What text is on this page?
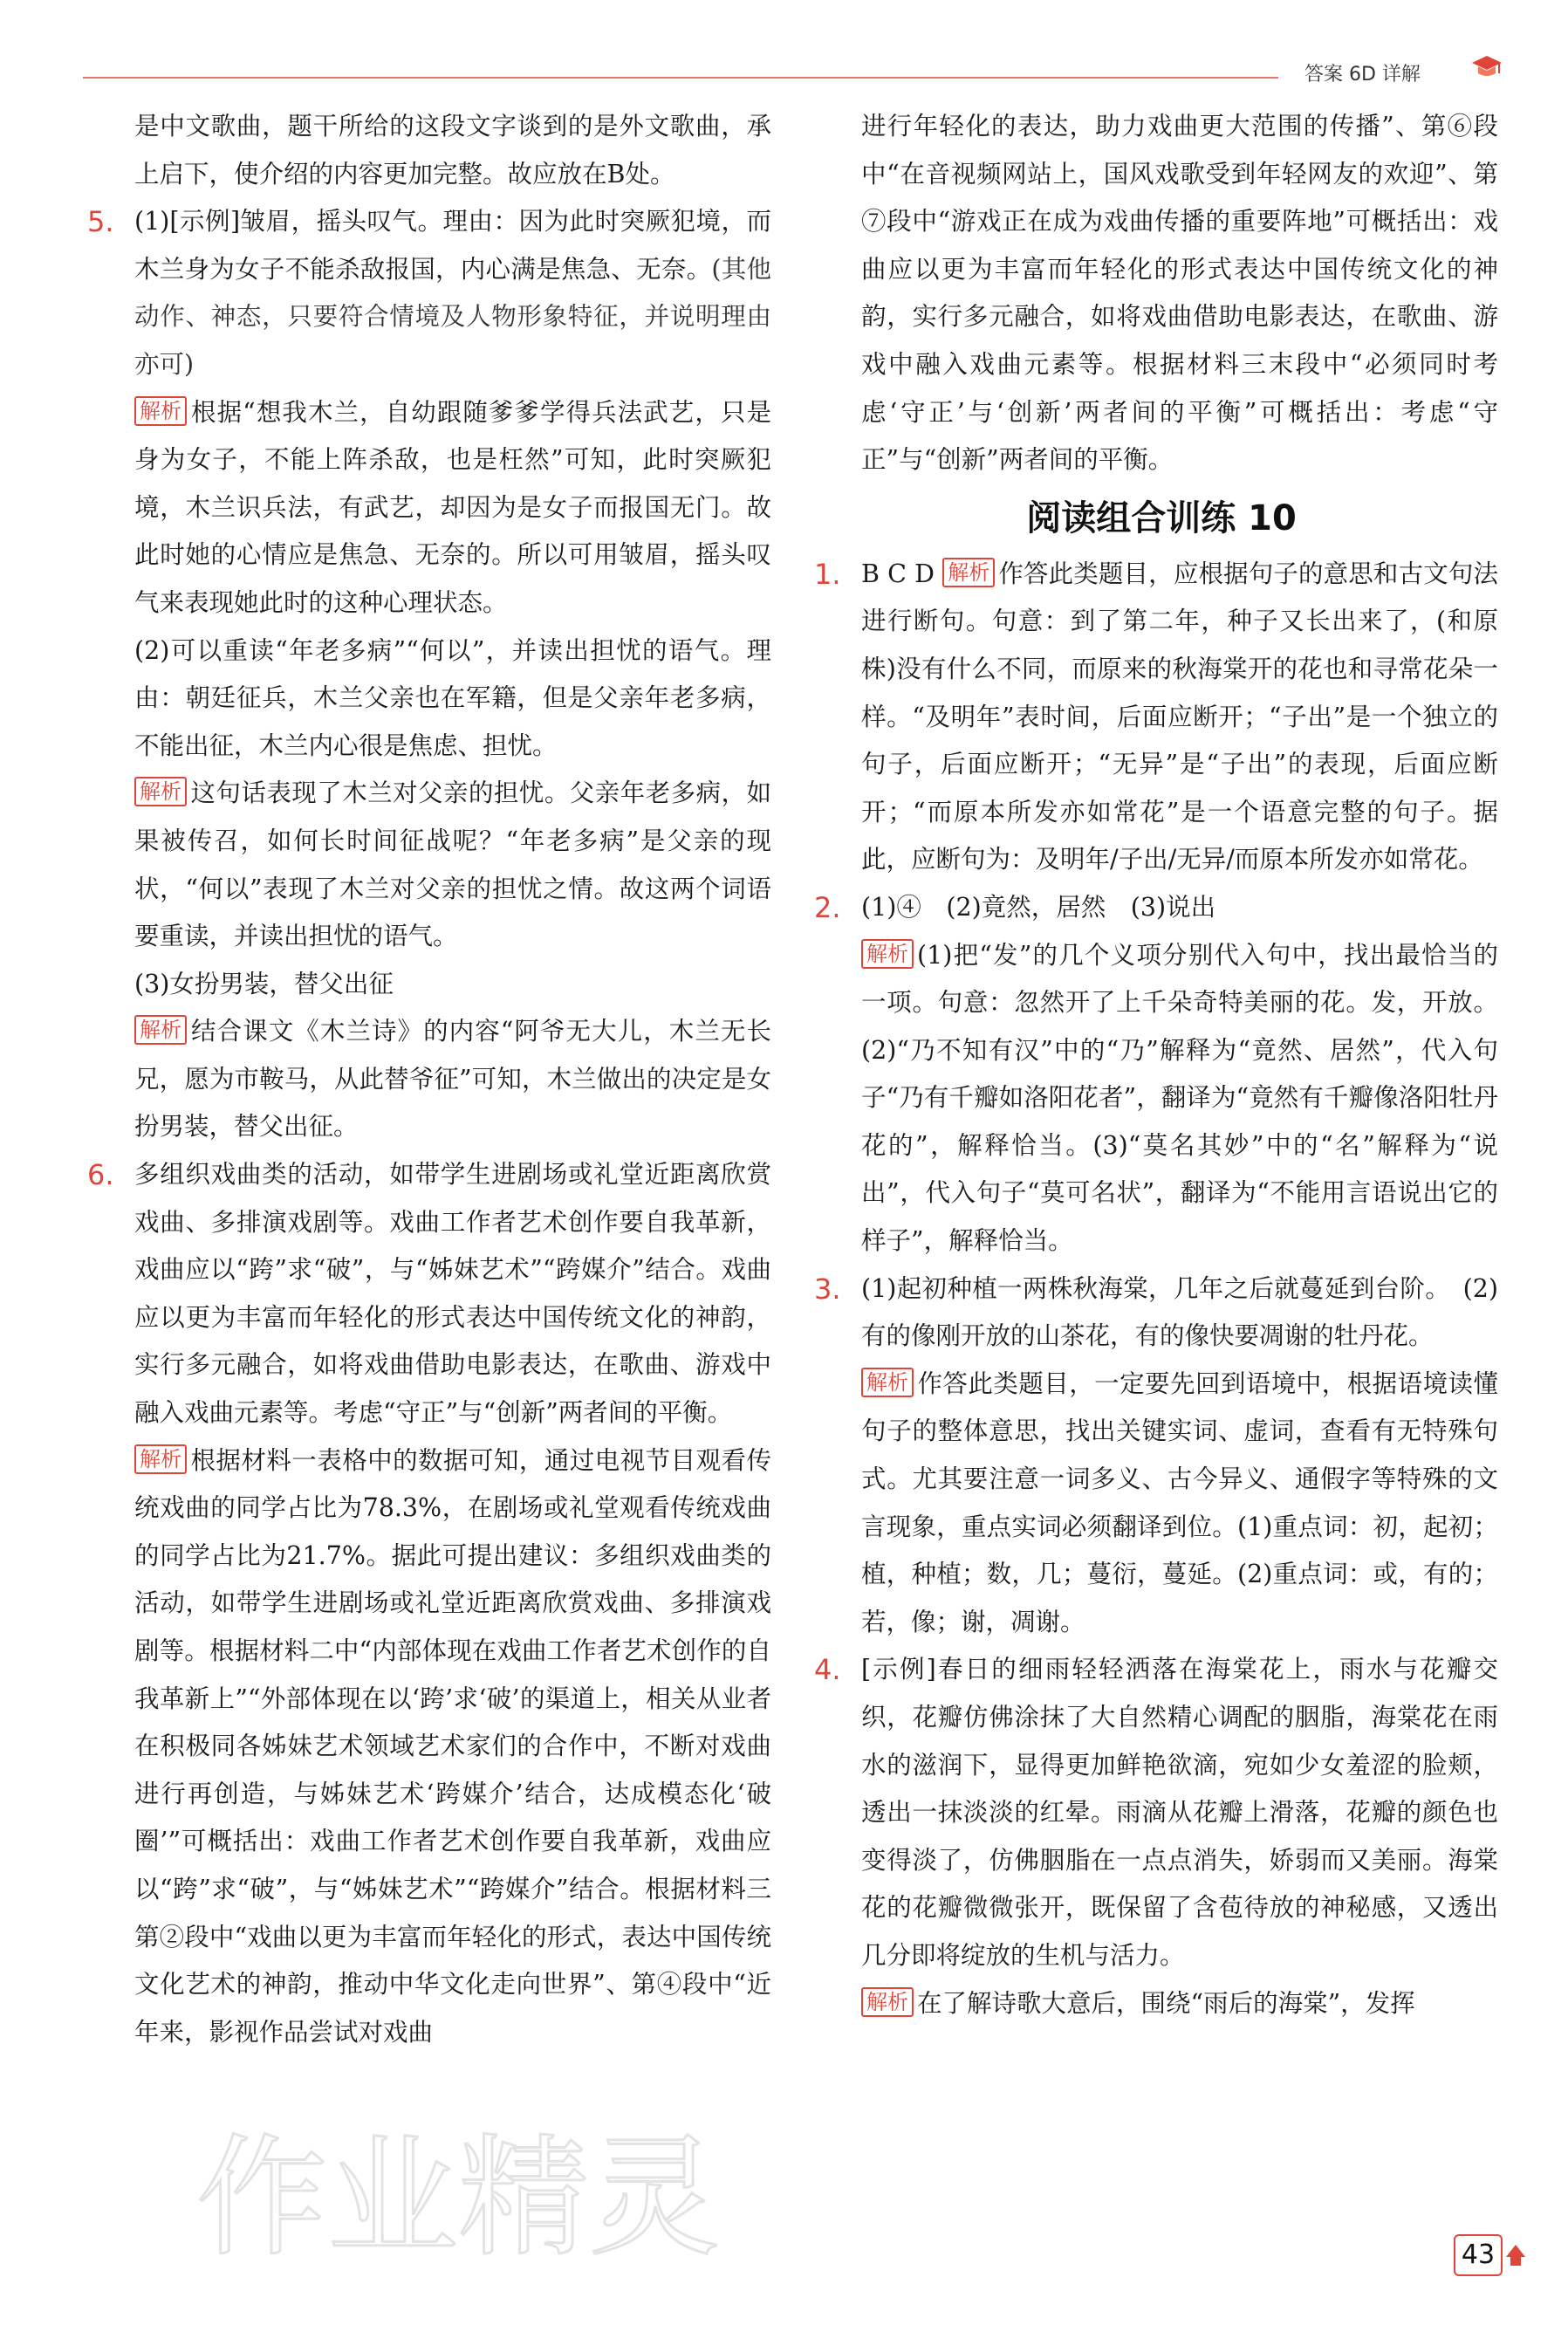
答案 6D 详解

是中文歌曲，题干所给的这段文字谈到的是外文歌曲，承上启下，使介绍的内容更加完整。故应放在B处。

5. (1)[示例]皱眉，摇头叹气。理由：因为此时突厥犯境，而木兰身为女子不能杀敌报国，内心满是焦急、无奈。(其他动作、神态，只要符合情境及人物形象特征，并说明理由亦可)

解析 根据“想我木兰，自幼跟随爹爹学得兵法武艺，只是身为女子，不能上阵杀敌，也是枉然”可知，此时突厥犯境，木兰识兵法，有武艺，却因为是女子而报国无门。故此时她的心情应是焦急、无奈的。所以可用皱眉，摇头叹气来表现她此时的这种心理状态。

(2)可以重读“年老多病”“何以”，并读出担忧的语气。理由：朝廷征兵，木兰父亲也在军籍，但是父亲年老多病，不能出征，木兰内心很是焦虑、担忧。

解析 这句话表现了木兰对父亲的担忧。父亲年老多病，如果被传召，如何长时间征战呢？“年老多病”是父亲的现状，“何以”表现了木兰对父亲的担忧之情。故这两个词语要重读，并读出担忧的语气。

(3)女扮男装，替父出征

解析 结合课文《木兰诗》的内容“阿爷无大儿，木兰无长兄，愿为市鞍马，从此替爷征”可知，木兰做出的决定是女扮男装，替父出征。

6. 多组织戏曲类的活动，如带学生进剧场或礼堂近距离欣赏戏曲、多排演戏剧等。戏曲工作者艺术创作要自我革新，戏曲应以“跨”求“破”，与“姊妹艺术”“跨媒介”结合。戏曲应以更为丰富而年轻化的形式表达中国传统文化的神韵，实行多元融合，如将戏曲借助电影表达，在歌曲、游戏中融入戏曲元素等。考虑“守正”与“创新”两者间的平衡。

解析 根据材料一表格中的数据可知，通过电视节目观看传统戏曲的同学占比为78.3%，在剧场或礼堂观看传统戏曲的同学占比为21.7%。据此可提出建议：多组织戏曲类的活动，如带学生进剧场或礼堂近距离欣赏戏曲、多排演戏剧等。根据材料二中“内部体现在戏曲工作者艺术创作的自我革新上”“外部体现在以‘跨’求‘破’的渠道上，相关从业者在积极同各姊妹艺术领域艺术家们的合作中，不断对戏曲进行再创造，与姊妹艺术‘跨媒介’结合，达成模态化‘破圈’”可概括出：戏曲工作者艺术创作要自我革新，戏曲应以“跨”求“破”，与“姊妹艺术”“跨媒介”结合。根据材料三第②段中“戏曲以更为丰富而年轻化的形式，表达中国传统文化艺术的神韵，推动中华文化走向世界”、第④段中“近年来，影视作品尝试对戏曲

进行年轻化的表达，助力戏曲更大范围的传播”、第⑥段中“在音视频网站上，国风戏歌受到年轻网友的欢迎”、第⑦段中“游戏正在成为戏曲传播的重要阵地”可概括出：戏曲应以更为丰富而年轻化的形式表达中国传统文化的神韵，实行多元融合，如将戏曲借助电影表达，在歌曲、游戏中融入戏曲元素等。根据材料三末段中“必须同时考虑‘守正’与‘创新’两者间的平衡”可概括出：考虑“守正”与“创新”两者间的平衡。

阅读组合训练 10

1. B C D 解析 作答此类题目，应根据句子的意思和古文句法进行断句。句意：到了第二年，种子又长出来了，(和原株)没有什么不同，而原来的秋海棠开的花也和寻常花朵一样。“及明年”表时间，后面应断开；“子出”是一个独立的句子，后面应断开；“无异”是“子出”的表现，后面应断开；“而原本所发亦如常花”是一个语意完整的句子。据此，应断句为：及明年/子出/无异/而原本所发亦如常花。

2. (1)④　(2)竟然，居然　(3)说出

解析 (1)把“发”的几个义项分别代入句中，找出最恰当的一项。句意：忽然开了上千朵奇特美丽的花。发，开放。(2)“乃不知有汉”中的“乃”解释为“竟然、居然”，代入句子“乃有千瓣如洛阳花者”，翻译为“竟然有千瓣像洛阳牡丹花的”，解释恰当。(3)“莫名其妙”中的“名”解释为“说出”，代入句子“莫可名状”，翻译为“不能用言语说出它的样子”，解释恰当。

3. (1)起初种植一两株秋海棠，几年之后就蔓延到台阶。　(2)有的像刚开放的山茶花，有的像快要凋谢的牡丹花。

解析 作答此类题目，一定要先回到语境中，根据语境读懂句子的整体意思，找出关键实词、虚词，查看有无特殊句式。尤其要注意一词多义、古今异义、通假字等特殊的文言现象，重点实词必须翻译到位。(1)重点词：初，起初；植，种植；数，几；蔓衍，蔓延。(2)重点词：或，有的；若，像；谢，凋谢。

4. [示例]春日的细雨轻轻洒落在海棠花上，雨水与花瓣交织，花瓣仿佛涂抹了大自然精心调配的胭脂，海棠花在雨水的滋润下，显得更加鲜艳欲滴，宛如少女羞涩的脸颊，透出一抹淡淡的红晕。雨滴从花瓣上滑落，花瓣的颜色也变得淡了，仿佛胭脂在一点点消失，娇弱而又美丽。海棠花的花瓣微微张开，既保留了含苞待放的神秘感，又透出几分即将绽放的生机与活力。

解析 在了解诗歌大意后，围绕“雨后的海棠”，发挥

作业精灵	43
